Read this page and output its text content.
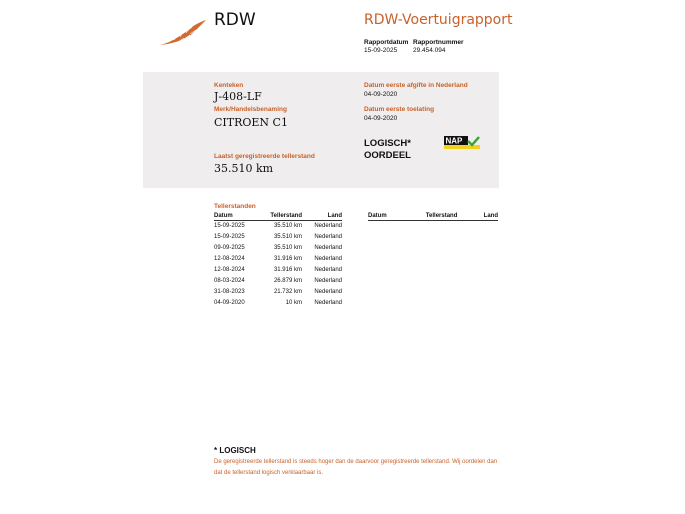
RDW	RDW-Voertuigrapport
Rapportdatum
15-09-2025
Rapportnummer
29.454.094
Kenteken
J-408-LF
Merk/Handelsbenaming
CITROEN C1
Laatst geregistreerde tellerstand
35.510 km
Datum eerste afgifte in Nederland
04-09-2020
Datum eerste toelating
04-09-2020
LOGISCH*
OORDEEL
NAP
Tellerstanden
Datum	Tellerstand	Land
15-09-2025	35.510 km	Nederland
15-09-2025	35.510 km	Nederland
09-09-2025	35.510 km	Nederland
12-08-2024	31.916 km	Nederland
12-08-2024	31.916 km	Nederland
08-03-2024	26.879 km	Nederland
31-08-2023	21.732 km	Nederland
04-09-2020	10 km	Nederland
Datum	Tellerstand	Land
* LOGISCH
De geregistreerde tellerstand is steeds hoger dan de daarvoor geregistreerde tellerstand. Wij oordelen dan
dat de tellerstand logisch verklaarbaar is.
